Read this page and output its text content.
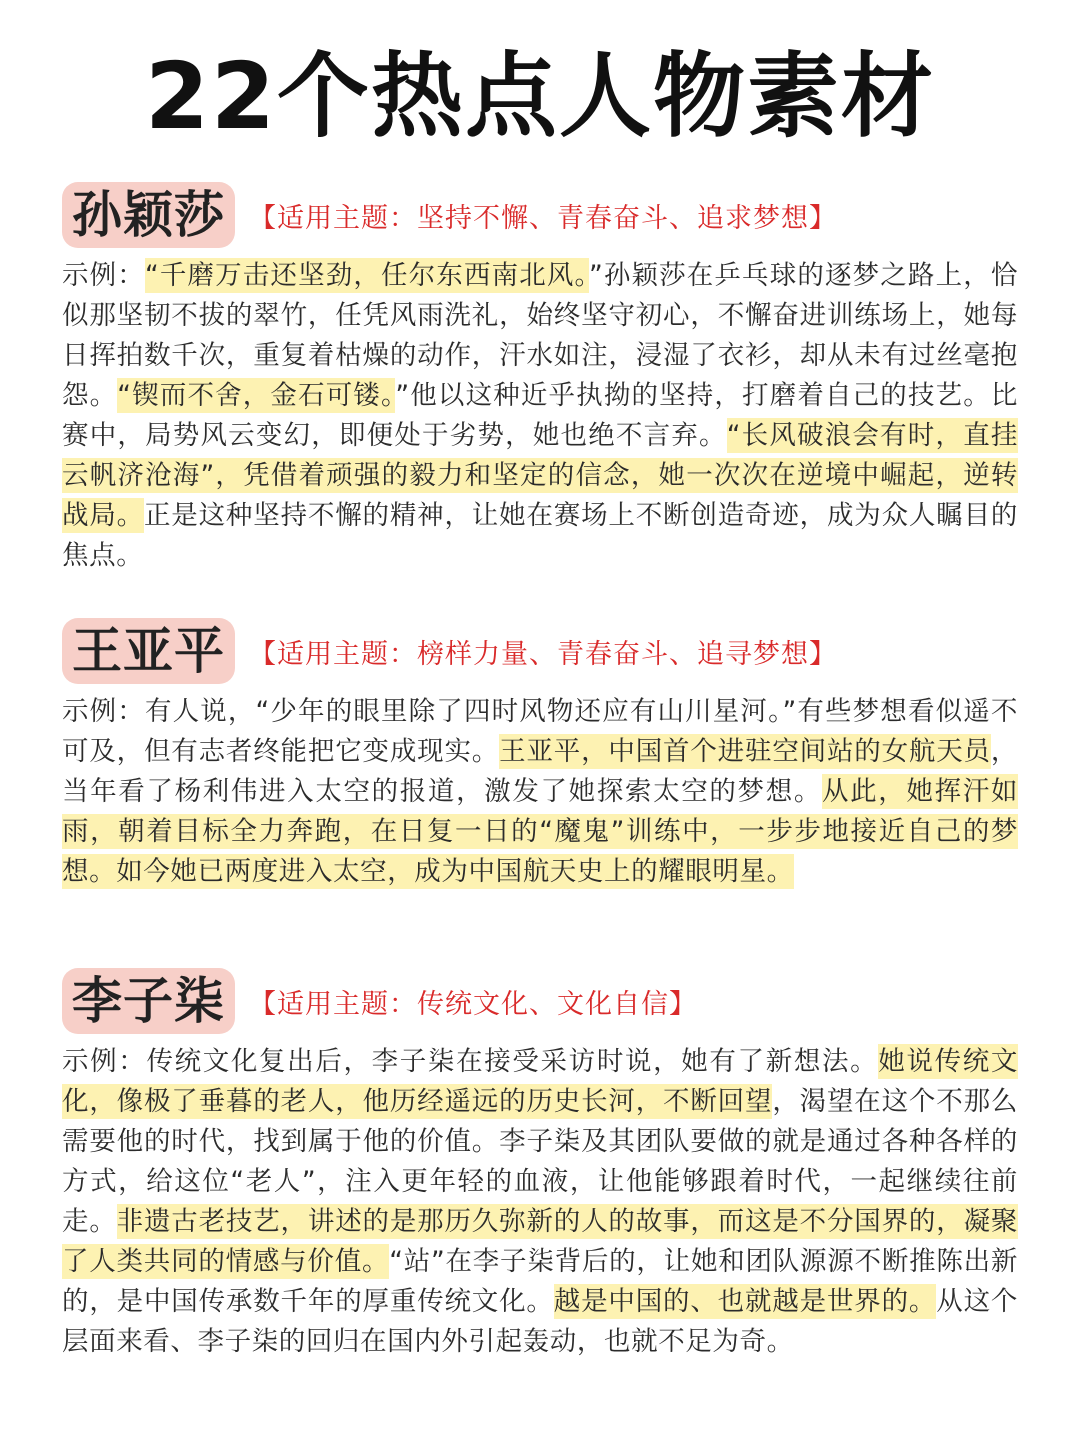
22个热点人物素材
孙颖莎 【适用主题：坚持不懈、青春奋斗、追求梦想】

示例：“千磨万击还坚劲，任尔东西南北风。”孙颖莎在乒乓球的逐梦之路上，恰似那坚韧不拔的翠竹，任凭风雨洗礼，始终坚守初心，不懈奋进训练场上，她每日挥拍数千次，重复着枯燥的动作，汗水如注，浸湿了衣衫，却从未有过丝毫抱怨。“锲而不舍，金石可镂。”他以这种近乎执拗的坚持，打磨着自己的技艺。比赛中，局势风云变幻，即便处于劣势，她也绝不言弃。“长风破浪会有时，直挂云帆济沧海”，凭借着顽强的毅力和坚定的信念，她一次次在逆境中崛起，逆转战局。正是这种坚持不懈的精神，让她在赛场上不断创造奇迹，成为众人瞩目的焦点。

王亚平 【适用主题：榜样力量、青春奋斗、追寻梦想】

示例：有人说，“少年的眼里除了四时风物还应有山川星河。”有些梦想看似遥不可及，但有志者终能把它变成现实。王亚平，中国首个进驻空间站的女航天员，当年看了杨利伟进入太空的报道，激发了她探索太空的梦想。从此，她挥汗如雨，朝着目标全力奔跑，在日复一日的“魔鬼”训练中，一步步地接近自己的梦想。如今她已两度进入太空，成为中国航天史上的耀眼明星。

李子柒 【适用主题：传统文化、文化自信】

示例：传统文化复出后，李子柒在接受采访时说，她有了新想法。她说传统文化，像极了垂暮的老人，他历经遥远的历史长河，不断回望，渴望在这个不那么需要他的时代，找到属于他的价值。李子柒及其团队要做的就是通过各种各样的方式，给这位“老人”，注入更年轻的血液，让他能够跟着时代，一起继续往前走。非遗古老技艺，讲述的是那历久弥新的人的故事，而这是不分国界的，凝聚了人类共同的情感与价值。“站”在李子柒背后的，让她和团队源源不断推陈出新的，是中国传承数千年的厚重传统文化。越是中国的、也就越是世界的。从这个层面来看、李子柒的回归在国内外引起轰动，也就不足为奇。
